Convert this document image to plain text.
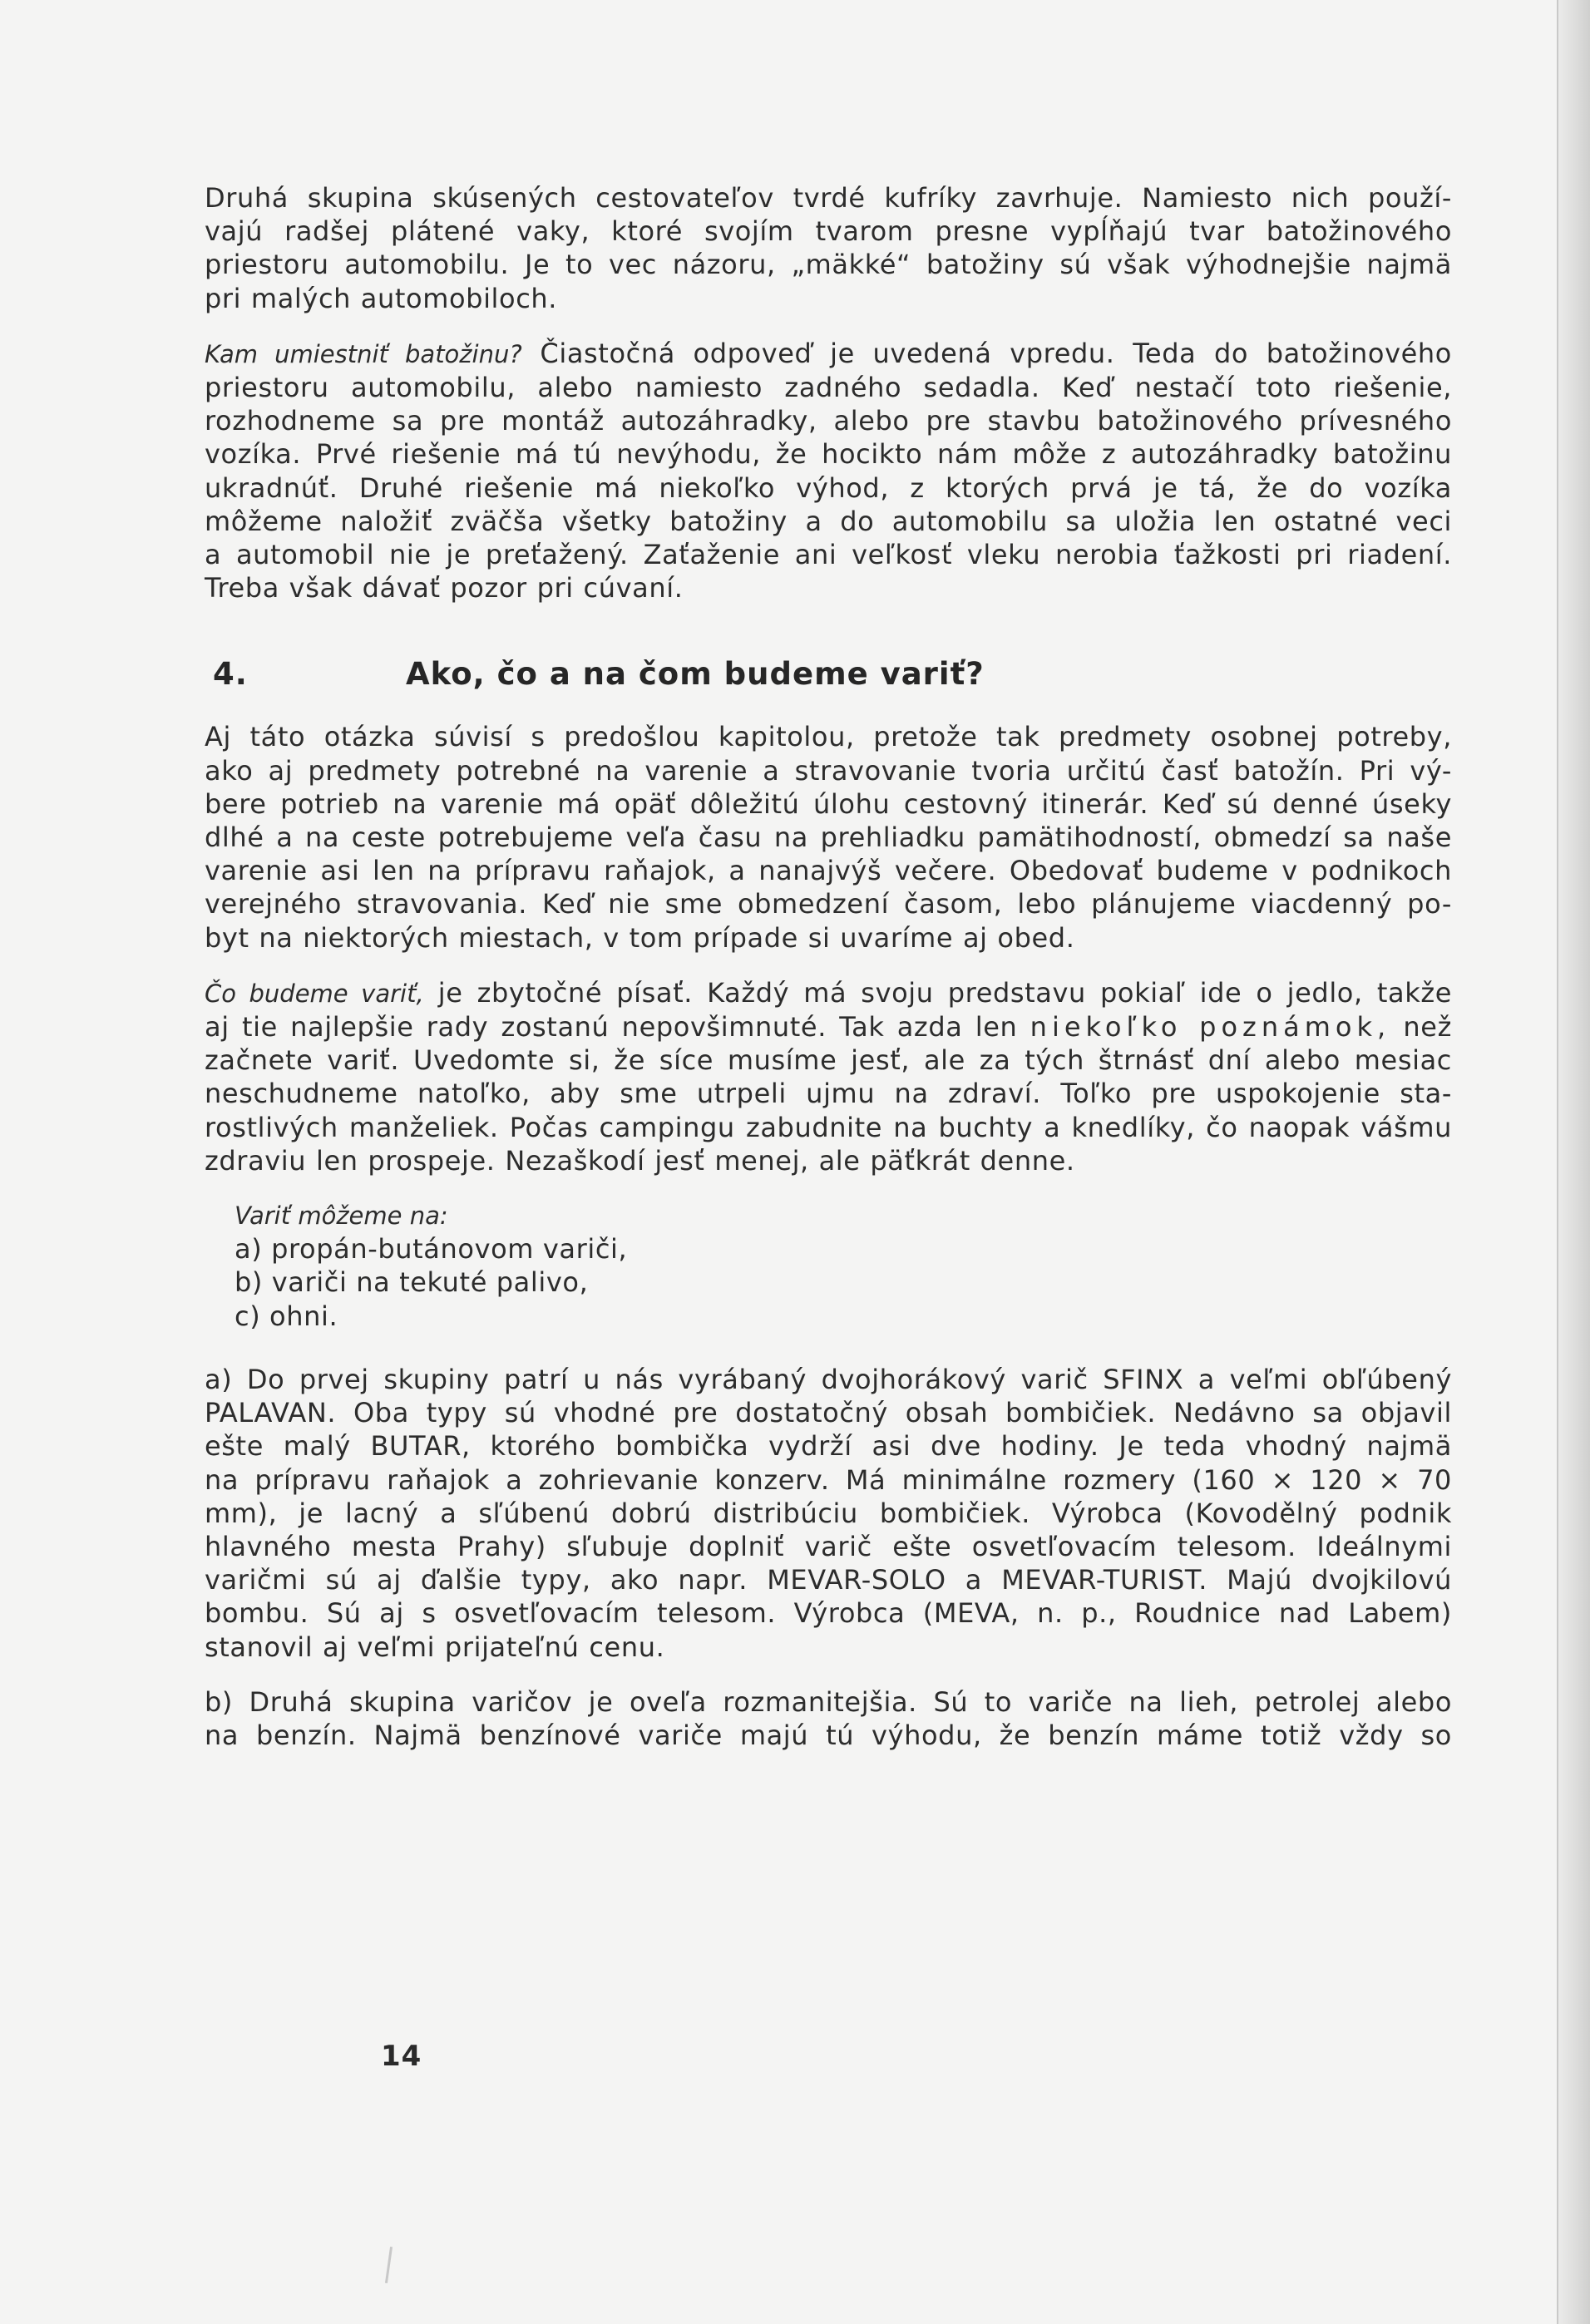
Druhá skupina skúsených cestovateľov tvrdé kufríky zavrhuje. Namiesto nich použí-
vajú radšej plátené vaky, ktoré svojím tvarom presne vypĺňajú tvar batožinového
priestoru automobilu. Je to vec názoru, „mäkké“ batožiny sú však výhodnejšie najmä
pri malých automobiloch.

Kam umiestniť batožinu? Čiastočná odpoveď je uvedená vpredu. Teda do batožinového
priestoru automobilu, alebo namiesto zadného sedadla. Keď nestačí toto riešenie,
rozhodneme sa pre montáž autozáhradky, alebo pre stavbu batožinového prívesného
vozíka. Prvé riešenie má tú nevýhodu, že hocikto nám môže z autozáhradky batožinu
ukradnúť. Druhé riešenie má niekoľko výhod, z ktorých prvá je tá, že do vozíka
môžeme naložiť zväčša všetky batožiny a do automobilu sa uložia len ostatné veci
a automobil nie je preťažený. Zaťaženie ani veľkosť vleku nerobia ťažkosti pri riadení.
Treba však dávať pozor pri cúvaní.

4.	Ako, čo a na čom budeme variť?

Aj táto otázka súvisí s predošlou kapitolou, pretože tak predmety osobnej potreby,
ako aj predmety potrebné na varenie a stravovanie tvoria určitú časť batožín. Pri vý-
bere potrieb na varenie má opäť dôležitú úlohu cestovný itinerár. Keď sú denné úseky
dlhé a na ceste potrebujeme veľa času na prehliadku pamätihodností, obmedzí sa naše
varenie asi len na prípravu raňajok, a nanajvýš večere. Obedovať budeme v podnikoch
verejného stravovania. Keď nie sme obmedzení časom, lebo plánujeme viacdenný po-
byt na niektorých miestach, v tom prípade si uvaríme aj obed.

Čo budeme variť, je zbytočné písať. Každý má svoju predstavu pokiaľ ide o jedlo, takže
aj tie najlepšie rady zostanú nepovšimnuté. Tak azda len niekoľko poznámok, než
začnete variť. Uvedomte si, že síce musíme jesť, ale za tých štrnásť dní alebo mesiac
neschudneme natoľko, aby sme utrpeli ujmu na zdraví. Toľko pre uspokojenie sta-
rostlivých manželiek. Počas campingu zabudnite na buchty a knedlíky, čo naopak vášmu
zdraviu len prospeje. Nezaškodí jesť menej, ale päťkrát denne.

Variť môžeme na:
a) propán-butánovom variči,
b) variči na tekuté palivo,
c) ohni.

a) Do prvej skupiny patrí u nás vyrábaný dvojhorákový varič SFINX a veľmi obľúbený
PALAVAN. Oba typy sú vhodné pre dostatočný obsah bombičiek. Nedávno sa objavil
ešte malý BUTAR, ktorého bombička vydrží asi dve hodiny. Je teda vhodný najmä
na prípravu raňajok a zohrievanie konzerv. Má minimálne rozmery (160 × 120 × 70
mm), je lacný a sľúbenú dobrú distribúciu bombičiek. Výrobca (Kovodělný podnik
hlavného mesta Prahy) sľubuje doplniť varič ešte osvetľovacím telesom. Ideálnymi
varičmi sú aj ďalšie typy, ako napr. MEVAR-SOLO a MEVAR-TURIST. Majú dvojkilovú
bombu. Sú aj s osvetľovacím telesom. Výrobca (MEVA, n. p., Roudnice nad Labem)
stanovil aj veľmi prijateľnú cenu.

b) Druhá skupina varičov je oveľa rozmanitejšia. Sú to variče na lieh, petrolej alebo
na benzín. Najmä benzínové variče majú tú výhodu, že benzín máme totiž vždy so

14
